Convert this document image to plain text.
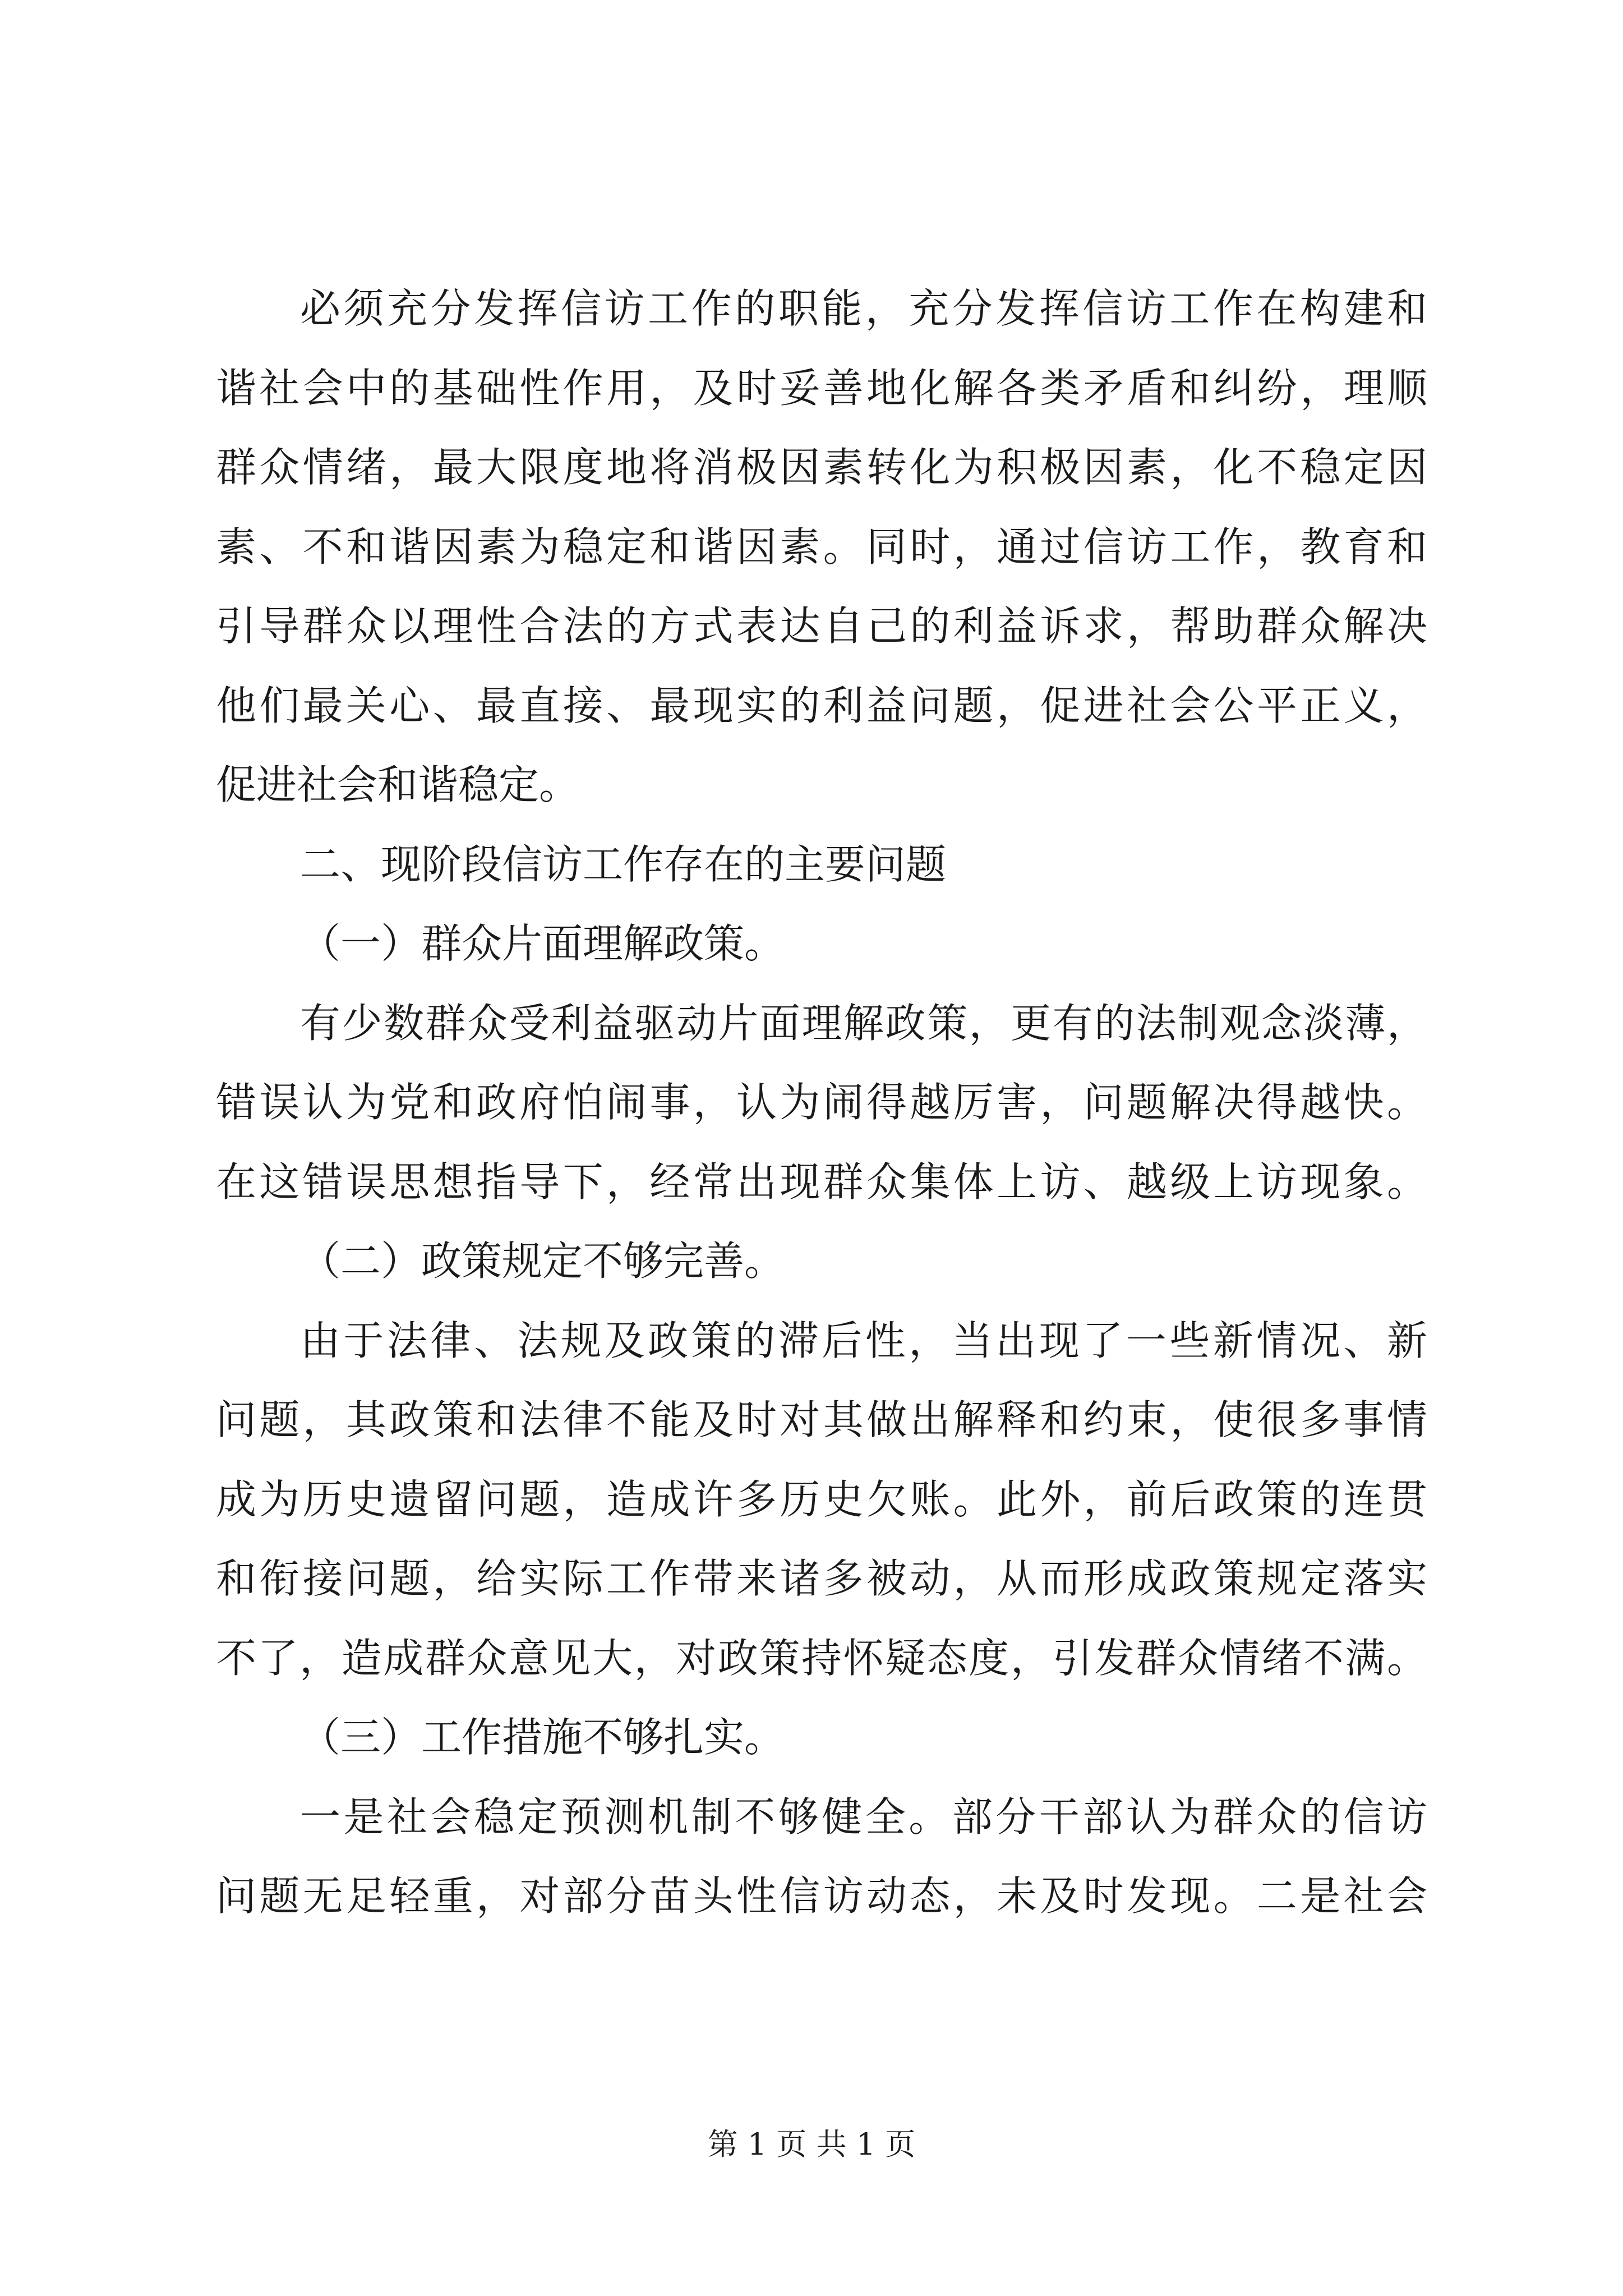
必须充分发挥信访工作的职能，充分发挥信访工作在构建和
谐社会中的基础性作用，及时妥善地化解各类矛盾和纠纷，理顺
群众情绪，最大限度地将消极因素转化为积极因素，化不稳定因
素、不和谐因素为稳定和谐因素。同时，通过信访工作，教育和
引导群众以理性合法的方式表达自己的利益诉求，帮助群众解决
他们最关心、最直接、最现实的利益问题，促进社会公平正义，
促进社会和谐稳定。
二、现阶段信访工作存在的主要问题
（一）群众片面理解政策。
有少数群众受利益驱动片面理解政策，更有的法制观念淡薄，
错误认为党和政府怕闹事，认为闹得越厉害，问题解决得越快。
在这错误思想指导下，经常出现群众集体上访、越级上访现象。
（二）政策规定不够完善。
由于法律、法规及政策的滞后性，当出现了一些新情况、新
问题，其政策和法律不能及时对其做出解释和约束，使很多事情
成为历史遗留问题，造成许多历史欠账。此外，前后政策的连贯
和衔接问题，给实际工作带来诸多被动，从而形成政策规定落实
不了，造成群众意见大，对政策持怀疑态度，引发群众情绪不满。
（三）工作措施不够扎实。
一是社会稳定预测机制不够健全。部分干部认为群众的信访
问题无足轻重，对部分苗头性信访动态，未及时发现。二是社会
第 1 页 共 1 页
